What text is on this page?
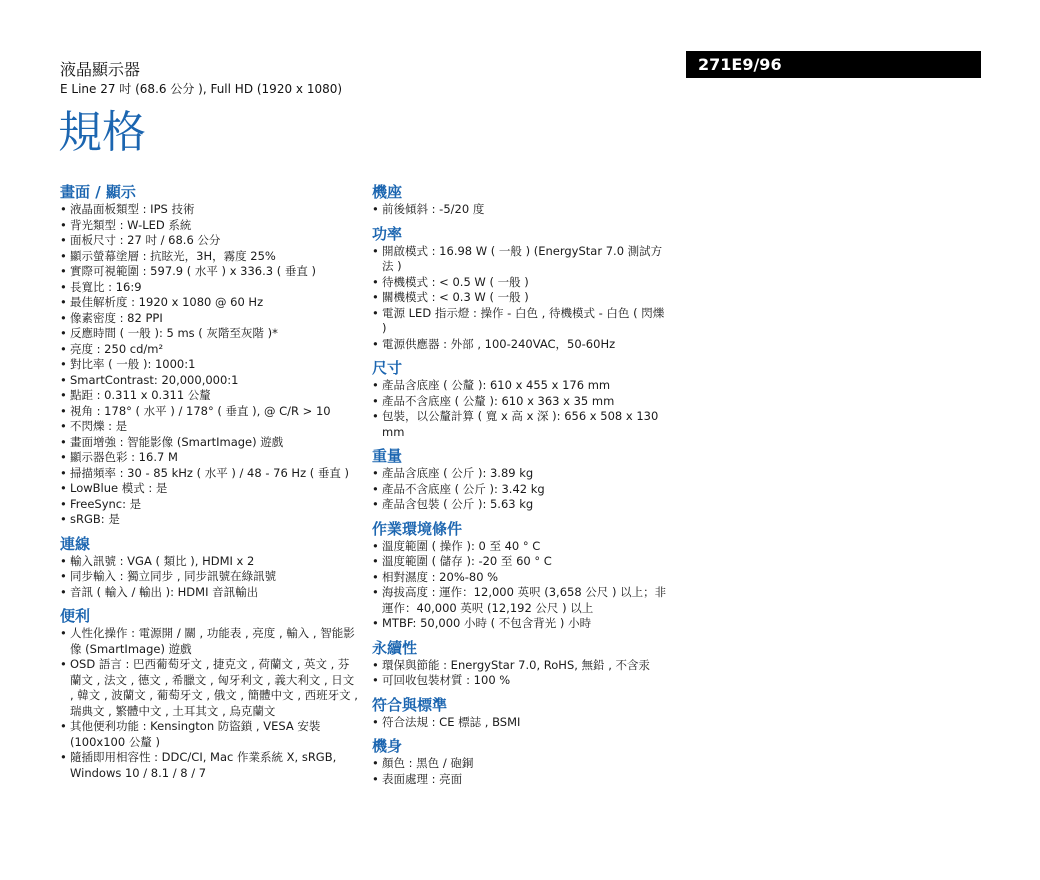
液晶顯示器
E Line 27 吋 (68.6 公分 ), Full HD (1920 x 1080)
規格
271E9/96
畫面 / 顯示
• 液晶面板類型 : IPS 技術
• 背光類型 : W-LED 系統
• 面板尺寸 : 27 吋 / 68.6 公分
• 顯示螢幕塗層 : 抗眩光，3H，霧度 25%
• 實際可視範圍 : 597.9 ( 水平 ) x 336.3 ( 垂直 )
• 長寬比 : 16:9
• 最佳解析度 : 1920 x 1080 @ 60 Hz
• 像素密度 : 82 PPI
• 反應時間 ( 一般 ): 5 ms ( 灰階至灰階 )*
• 亮度 : 250 cd/m²
• 對比率 ( 一般 ): 1000:1
• SmartContrast: 20,000,000:1
• 點距 : 0.311 x 0.311 公釐
• 視角 : 178° ( 水平 ) / 178° ( 垂直 ), @ C/R > 10
• 不閃爍 : 是
• 畫面增強 : 智能影像 (SmartImage) 遊戲
• 顯示器色彩 : 16.7 M
• 掃描頻率 : 30 - 85 kHz ( 水平 ) / 48 - 76 Hz ( 垂直 )
• LowBlue 模式 : 是
• FreeSync: 是
• sRGB: 是
連線
• 輸入訊號 : VGA ( 類比 ), HDMI x 2
• 同步輸入 : 獨立同步 , 同步訊號在綠訊號
• 音訊 ( 輸入 / 輸出 ): HDMI 音訊輸出
便利
• 人性化操作 : 電源開 / 關 , 功能表 , 亮度 , 輸入 , 智能影像 (SmartImage) 遊戲
• OSD 語言 : 巴西葡萄牙文 , 捷克文 , 荷蘭文 , 英文 , 芬蘭文 , 法文 , 德文 , 希臘文 , 匈牙利文 , 義大利文 , 日文 , 韓文 , 波蘭文 , 葡萄牙文 , 俄文 , 簡體中文 , 西班牙文 , 瑞典文 , 繁體中文 , 土耳其文 , 烏克蘭文
• 其他便利功能 : Kensington 防盜鎖 , VESA 安裝 (100x100 公釐 )
• 隨插即用相容性 : DDC/CI, Mac 作業系統 X, sRGB, Windows 10 / 8.1 / 8 / 7
機座
• 前後傾斜 : -5/20 度
功率
• 開啟模式 : 16.98 W ( 一般 ) (EnergyStar 7.0 測試方法 )
• 待機模式 : < 0.5 W ( 一般 )
• 關機模式 : < 0.3 W ( 一般 )
• 電源 LED 指示燈 : 操作 - 白色 , 待機模式 - 白色 ( 閃爍 )
• 電源供應器 : 外部 , 100-240VAC，50-60Hz
尺寸
• 產品含底座 ( 公釐 ): 610 x 455 x 176 mm
• 產品不含底座 ( 公釐 ): 610 x 363 x 35 mm
• 包裝，以公釐計算 ( 寬 x 高 x 深 ): 656 x 508 x 130 mm
重量
• 產品含底座 ( 公斤 ): 3.89 kg
• 產品不含底座 ( 公斤 ): 3.42 kg
• 產品含包裝 ( 公斤 ): 5.63 kg
作業環境條件
• 溫度範圍 ( 操作 ): 0 至 40 ° C
• 溫度範圍 ( 儲存 ): -20 至 60 ° C
• 相對濕度 : 20%-80 %
• 海拔高度 : 運作：12,000 英呎 (3,658 公尺 ) 以上；非運作：40,000 英呎 (12,192 公尺 ) 以上
• MTBF: 50,000 小時 ( 不包含背光 ) 小時
永續性
• 環保與節能 : EnergyStar 7.0, RoHS, 無鉛 , 不含汞
• 可回收包裝材質 : 100 %
符合與標準
• 符合法規 : CE 標誌 , BSMI
機身
• 顏色 : 黑色 / 砲銅
• 表面處理 : 亮面
